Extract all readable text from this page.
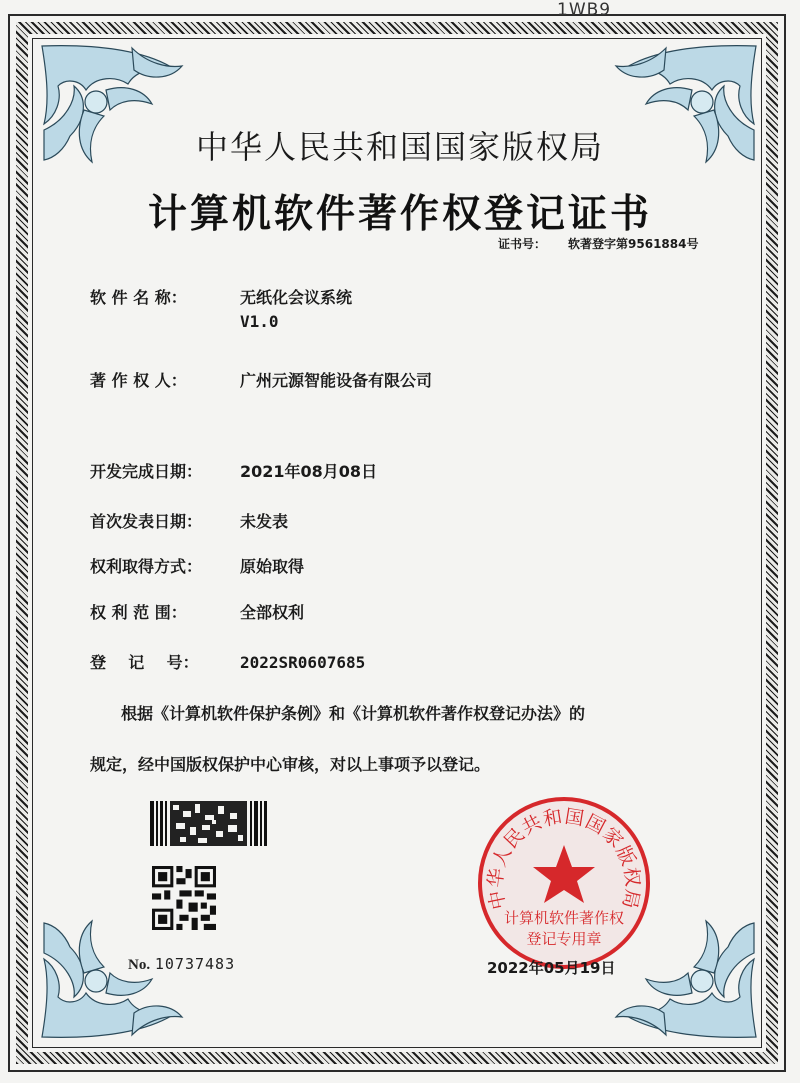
1WB9
中华人民共和国国家版权局
计算机软件著作权登记证书
证书号： 软著登字第9561884号
软 件 名 称：	无纸化会议系统
V1.0
著 作 权 人：	广州元源智能设备有限公司
开发完成日期： 2021年08月08日
首次发表日期： 未发表
权利取得方式： 原始取得
权 利 范 围：	全部权利
登    记    号：	2022SR0607685
根据《计算机软件保护条例》和《计算机软件著作权登记办法》的
规定，经中国版权保护中心审核，对以上事项予以登记。
No. 10737483
中华人民共和国国家版权局
计算机软件著作权
登记专用章
2022年05月19日
